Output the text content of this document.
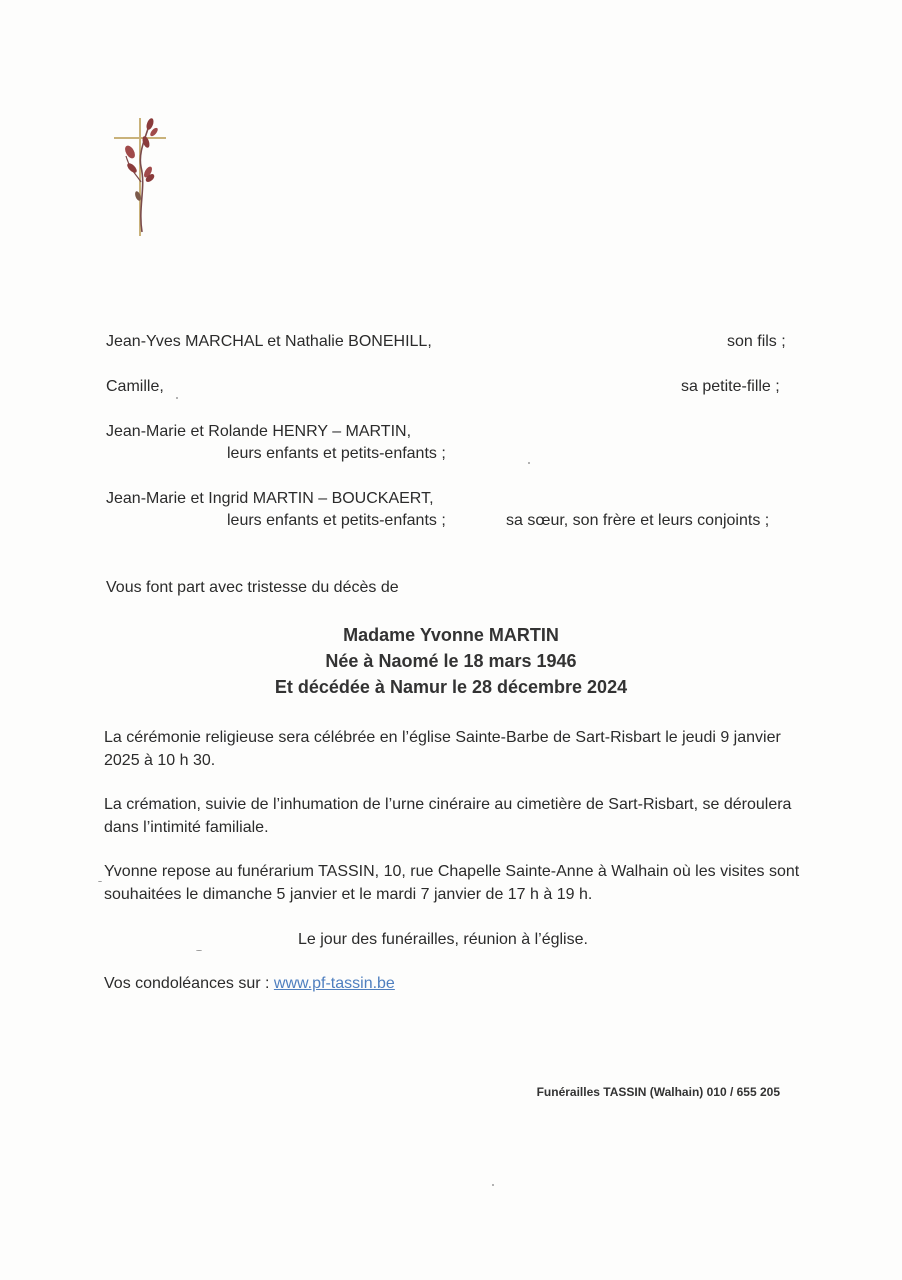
Jean-Yves MARCHAL et Nathalie BONEHILL,	son fils ;
Camille,	sa petite-fille ;
Jean-Marie et Rolande HENRY – MARTIN,
leurs enfants et petits-enfants ;
Jean-Marie et Ingrid MARTIN – BOUCKAERT,
leurs enfants et petits-enfants ;	sa sœur, son frère et leurs conjoints ;
Vous font part avec tristesse du décès de
Madame Yvonne MARTIN
Née à Naomé le 18 mars 1946
Et décédée à Namur le 28 décembre 2024
La cérémonie religieuse sera célébrée en l’église Sainte-Barbe de Sart-Risbart le jeudi 9 janvier 2025 à 10 h 30.
La crémation, suivie de l’inhumation de l’urne cinéraire au cimetière de Sart-Risbart, se déroulera dans l’intimité familiale.
Yvonne repose au funérarium TASSIN, 10, rue Chapelle Sainte-Anne à Walhain où les visites sont souhaitées le dimanche 5 janvier et le mardi 7 janvier de 17 h à 19 h.
Le jour des funérailles, réunion à l’église.
Vos condoléances sur : www.pf-tassin.be
Funérailles TASSIN (Walhain) 010 / 655 205
